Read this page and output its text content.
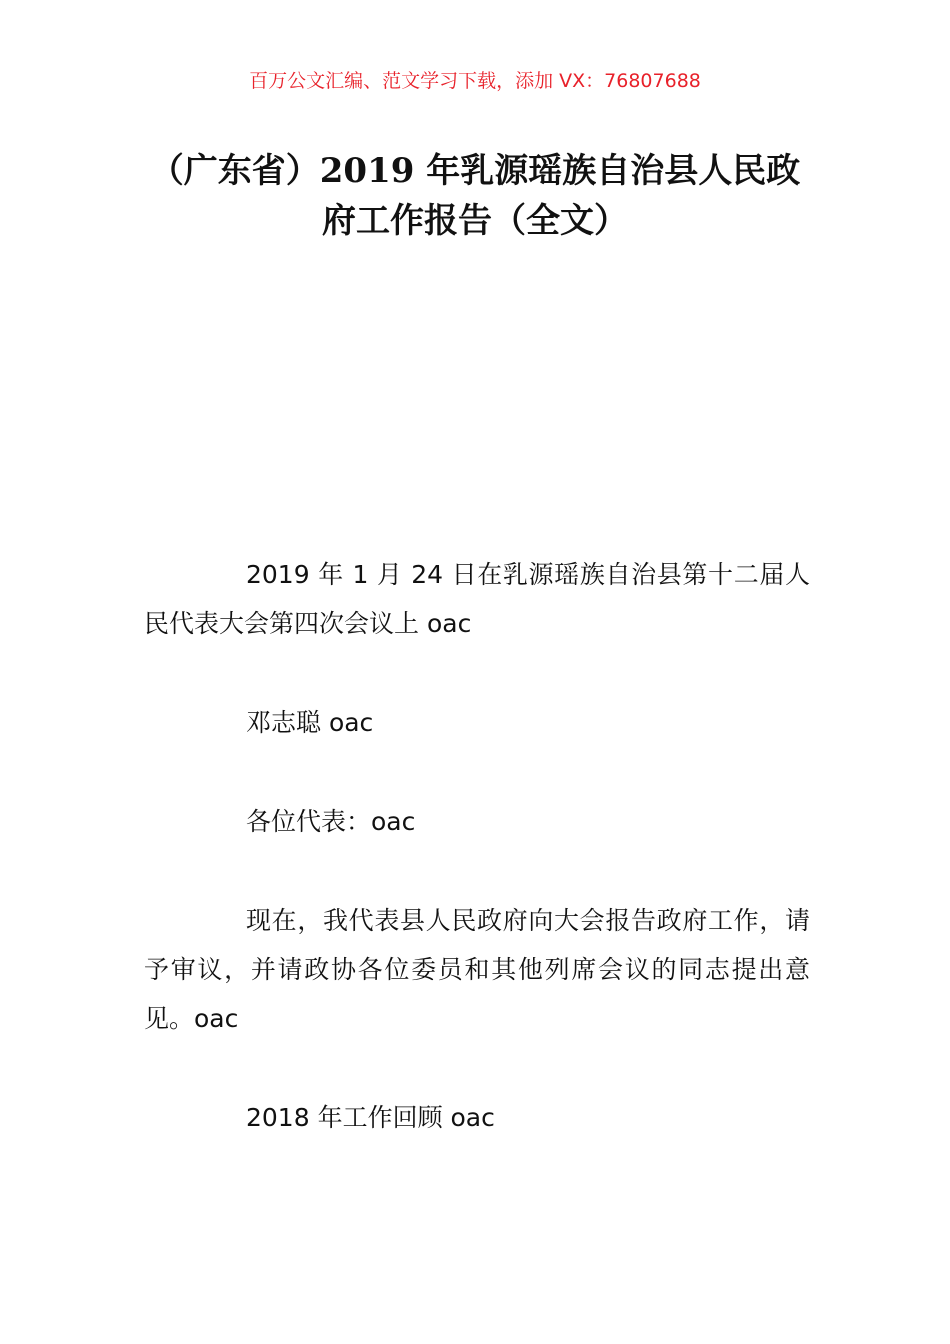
百万公文汇编、范文学习下载，添加 VX：76807688
（广东省）2019 年乳源瑶族自治县人民政府工作报告（全文）

2019 年 1 月 24 日在乳源瑶族自治县第十二届人民代表大会第四次会议上 oac

邓志聪 oac

各位代表：oac

现在，我代表县人民政府向大会报告政府工作，请予审议，并请政协各位委员和其他列席会议的同志提出意见。oac

2018 年工作回顾 oac
